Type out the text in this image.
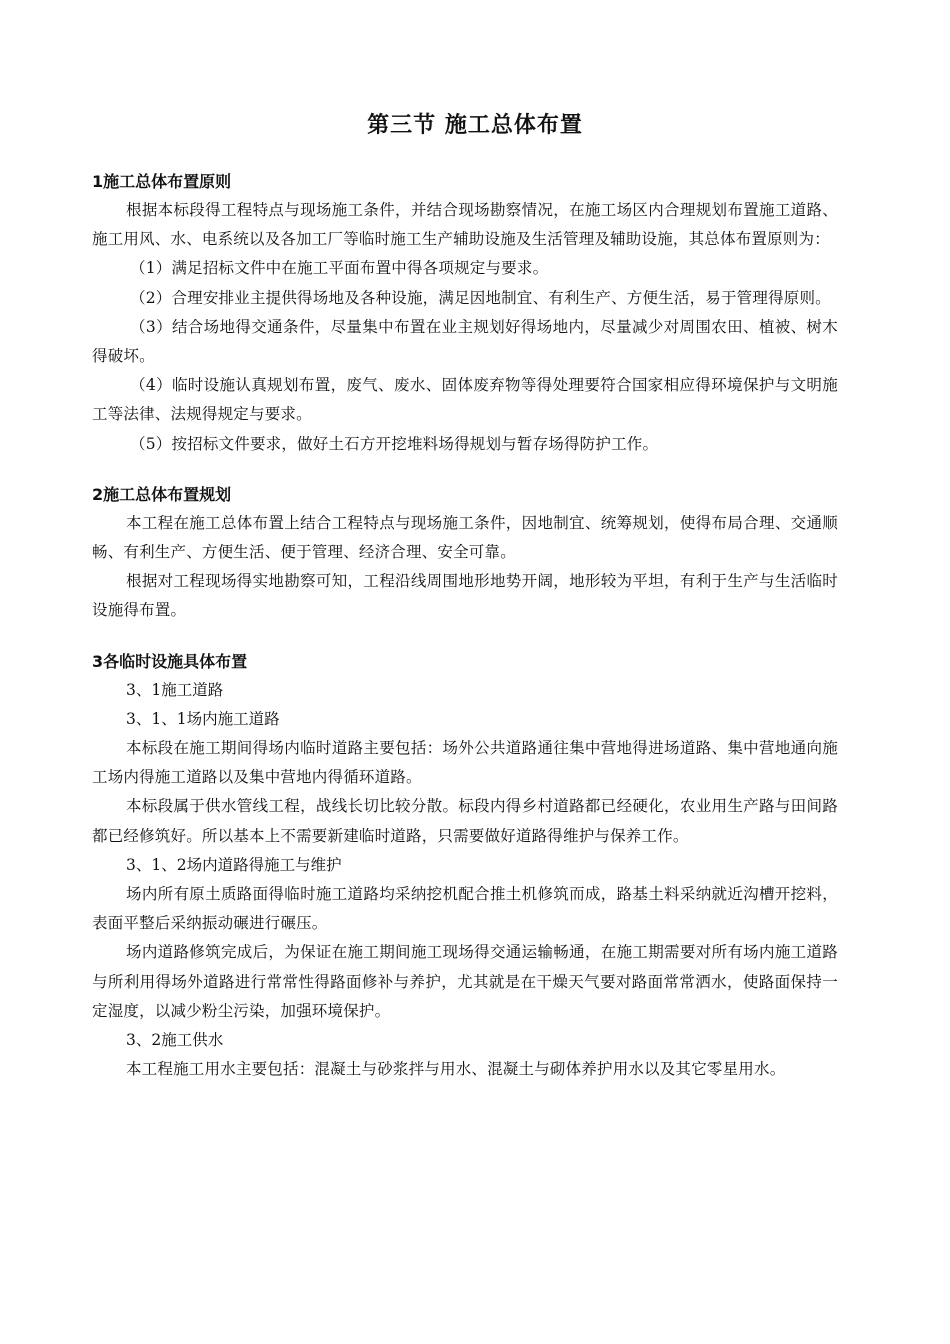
第三节 施工总体布置

1施工总体布置原则

根据本标段得工程特点与现场施工条件，并结合现场勘察情况，在施工场区内合理规划布置施工道路、施工用风、水、电系统以及各加工厂等临时施工生产辅助设施及生活管理及辅助设施，其总体布置原则为：

（1）满足招标文件中在施工平面布置中得各项规定与要求。

（2）合理安排业主提供得场地及各种设施，满足因地制宜、有利生产、方便生活，易于管理得原则。

（3）结合场地得交通条件，尽量集中布置在业主规划好得场地内，尽量减少对周围农田、植被、树木得破坏。

（4）临时设施认真规划布置，废气、废水、固体废弃物等得处理要符合国家相应得环境保护与文明施工等法律、法规得规定与要求。

（5）按招标文件要求，做好土石方开挖堆料场得规划与暂存场得防护工作。

2施工总体布置规划

本工程在施工总体布置上结合工程特点与现场施工条件，因地制宜、统筹规划，使得布局合理、交通顺畅、有利生产、方便生活、便于管理、经济合理、安全可靠。

根据对工程现场得实地勘察可知，工程沿线周围地形地势开阔，地形较为平坦，有利于生产与生活临时设施得布置。

3各临时设施具体布置

3、1施工道路

3、1、1场内施工道路

本标段在施工期间得场内临时道路主要包括：场外公共道路通往集中营地得进场道路、集中营地通向施工场内得施工道路以及集中营地内得循环道路。

本标段属于供水管线工程，战线长切比较分散。标段内得乡村道路都已经硬化，农业用生产路与田间路都已经修筑好。所以基本上不需要新建临时道路，只需要做好道路得维护与保养工作。

3、1、2场内道路得施工与维护

场内所有原土质路面得临时施工道路均采纳挖机配合推土机修筑而成，路基土料采纳就近沟槽开挖料，表面平整后采纳振动碾进行碾压。

场内道路修筑完成后，为保证在施工期间施工现场得交通运输畅通，在施工期需要对所有场内施工道路与所利用得场外道路进行常常性得路面修补与养护，尤其就是在干燥天气要对路面常常洒水，使路面保持一定湿度，以减少粉尘污染，加强环境保护。

3、2施工供水

本工程施工用水主要包括：混凝土与砂浆拌与用水、混凝土与砌体养护用水以及其它零星用水。
